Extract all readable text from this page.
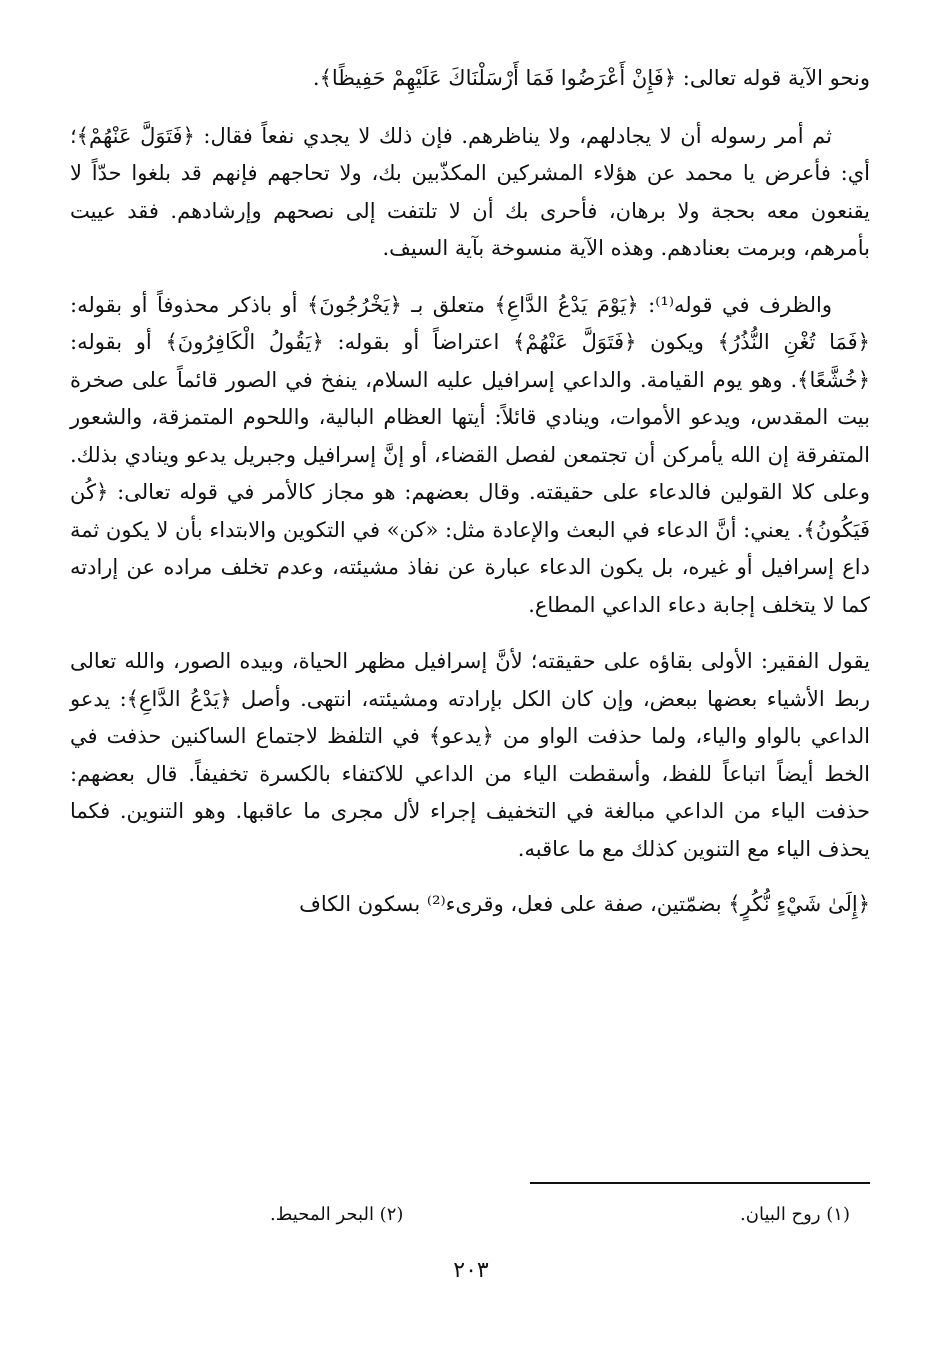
ونحو الآية قوله تعالى: ﴿فَإِنْ أَعْرَضُوا فَمَا أَرْسَلْنَاكَ عَلَيْهِمْ حَفِيظًا﴾.

ثم أمر رسوله أن لا يجادلهم، ولا يناظرهم. فإن ذلك لا يجدي نفعاً فقال: ﴿فَتَوَلَّ عَنْهُمْ﴾؛ أي: فأعرض يا محمد عن هؤلاء المشركين المكذّبين بك، ولا تحاجهم فإنهم قد بلغوا حدّاً لا يقنعون معه بحجة ولا برهان، فأحرى بك أن لا تلتفت إلى نصحهم وإرشادهم. فقد عييت بأمرهم، وبرمت بعنادهم. وهذه الآية منسوخة بآية السيف.

والظرف في قوله⁽¹⁾: ﴿يَوْمَ يَدْعُ الدَّاعِ﴾ متعلق بـ ﴿يَخْرُجُونَ﴾ أو باذكر محذوفاً أو بقوله: ﴿فَمَا تُغْنِ النُّذُرُ﴾ ويكون ﴿فَتَوَلَّ عَنْهُمْ﴾ اعتراضاً أو بقوله: ﴿يَقُولُ الْكَافِرُونَ﴾ أو بقوله: ﴿خُشَّعًا﴾. وهو يوم القيامة. والداعي إسرافيل عليه السلام، ينفخ في الصور قائماً على صخرة بيت المقدس، ويدعو الأموات، وينادي قائلاً: أيتها العظام البالية، واللحوم المتمزقة، والشعور المتفرقة إن الله يأمركن أن تجتمعن لفصل القضاء، أو إنَّ إسرافيل وجبريل يدعو وينادي بذلك. وعلى كلا القولين فالدعاء على حقيقته. وقال بعضهم: هو مجاز كالأمر في قوله تعالى: ﴿كُن فَيَكُونُ﴾. يعني: أنَّ الدعاء في البعث والإعادة مثل: «كن» في التكوين والابتداء بأن لا يكون ثمة داع إسرافيل أو غيره، بل يكون الدعاء عبارة عن نفاذ مشيئته، وعدم تخلف مراده عن إرادته كما لا يتخلف إجابة دعاء الداعي المطاع.

يقول الفقير: الأولى بقاؤه على حقيقته؛ لأنَّ إسرافيل مظهر الحياة، وبيده الصور، والله تعالى ربط الأشياء بعضها ببعض، وإن كان الكل بإرادته ومشيئته، انتهى. وأصل ﴿يَدْعُ الدَّاعِ﴾: يدعو الداعي بالواو والياء، ولما حذفت الواو من ﴿يدعو﴾ في التلفظ لاجتماع الساكنين حذفت في الخط أيضاً اتباعاً للفظ، وأسقطت الياء من الداعي للاكتفاء بالكسرة تخفيفاً. قال بعضهم: حذفت الياء من الداعي مبالغة في التخفيف إجراء لأل مجرى ما عاقبها. وهو التنوين. فكما يحذف الياء مع التنوين كذلك مع ما عاقبه.

﴿إِلَىٰ شَيْءٍ نُّكُرٍ﴾ بضمّتين، صفة على فعل، وقرىء⁽²⁾ بسكون الكاف

(١) روح البيان.
(٢) البحر المحيط.
٢٠٣
